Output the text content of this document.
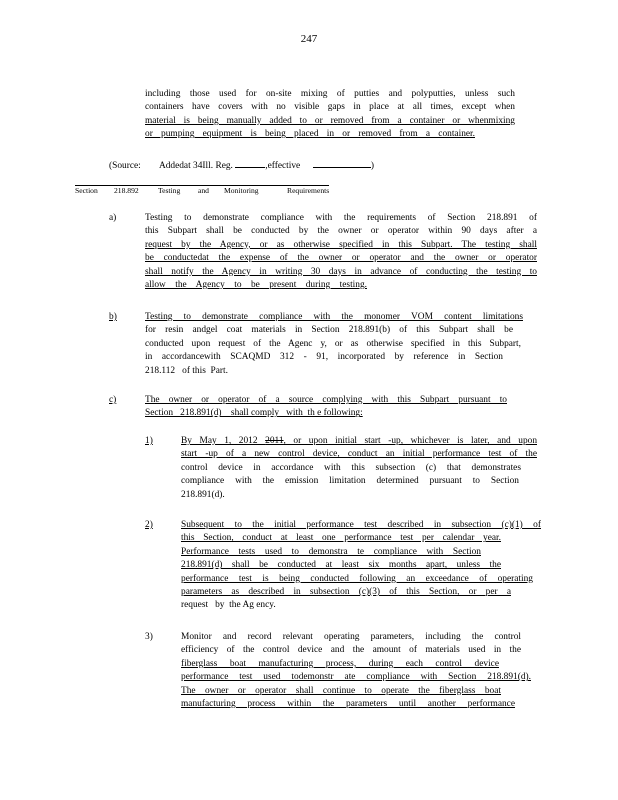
247
including those used for on-site mixing of putties and polyputties, unless such
containers have covers with no visible gaps in place at all times, except when
material is being manually added to or removed from a container or whenmixing
or pumping equipment is being placed in or removed from a container.
(Source: Addedat 34Ill. Reg.	,effective	)
Section 218.892	Testing and Monitoring	Requirements
a)	Testing to demonstrate compliance with the requirements of Section 218.891 of
this Subpart shall be conducted by the owner or operator within 90 days after a
request by the Agency, or as otherwise specified in this Subpart. The testing shall
be conductedat the expense of the owner or operator and the owner or operator
shall notify the Agency in writing 30 days in advance of conducting the testing to
allow the Agency to be present during testing.
b)	Testing to demonstrate compliance with the monomer VOM content limitations
for resin andgel coat materials in Section 218.891(b) of this Subpart shall be
conducted upon request of the Agenc y, or as otherwise specified in this Subpart,
in accordancewith SCAQMD 312 - 91, incorporated by reference in Section
218.112   of this  Part.
c)	The owner or operator of a source complying with this Subpart pursuant to
Section   218.891(d)    shall comply   with  th e following:
1)	By May 1, 2012 2011, or upon initial start -up, whichever is later, and upon
start -up of a new control device, conduct an initial performance test of the
control device in accordance with this subsection (c) that demonstrates
compliance with the emission limitation determined pursuant to Section
218.891(d).
2)	Subsequent to the initial performance test described in subsection (c)(1) of
this Section, conduct at least one performance test per calendar year.
Performance tests used to demonstra te compliance with Section
218.891(d) shall be conducted at least six months apart, unless the
performance test is being conducted following an exceedance of operating
parameters as described in subsection (c)(3) of this Section, or per a
request   by  the Ag ency.
3)	Monitor and record relevant operating parameters, including the control
efficiency of the control device and the amount of materials used in the
fiberglass boat manufacturing process, during each control device
performance test used todemonstr ate compliance with Section 218.891(d).
The owner or operator shall continue to operate the fiberglass boat
manufacturing process within the parameters until another performance
